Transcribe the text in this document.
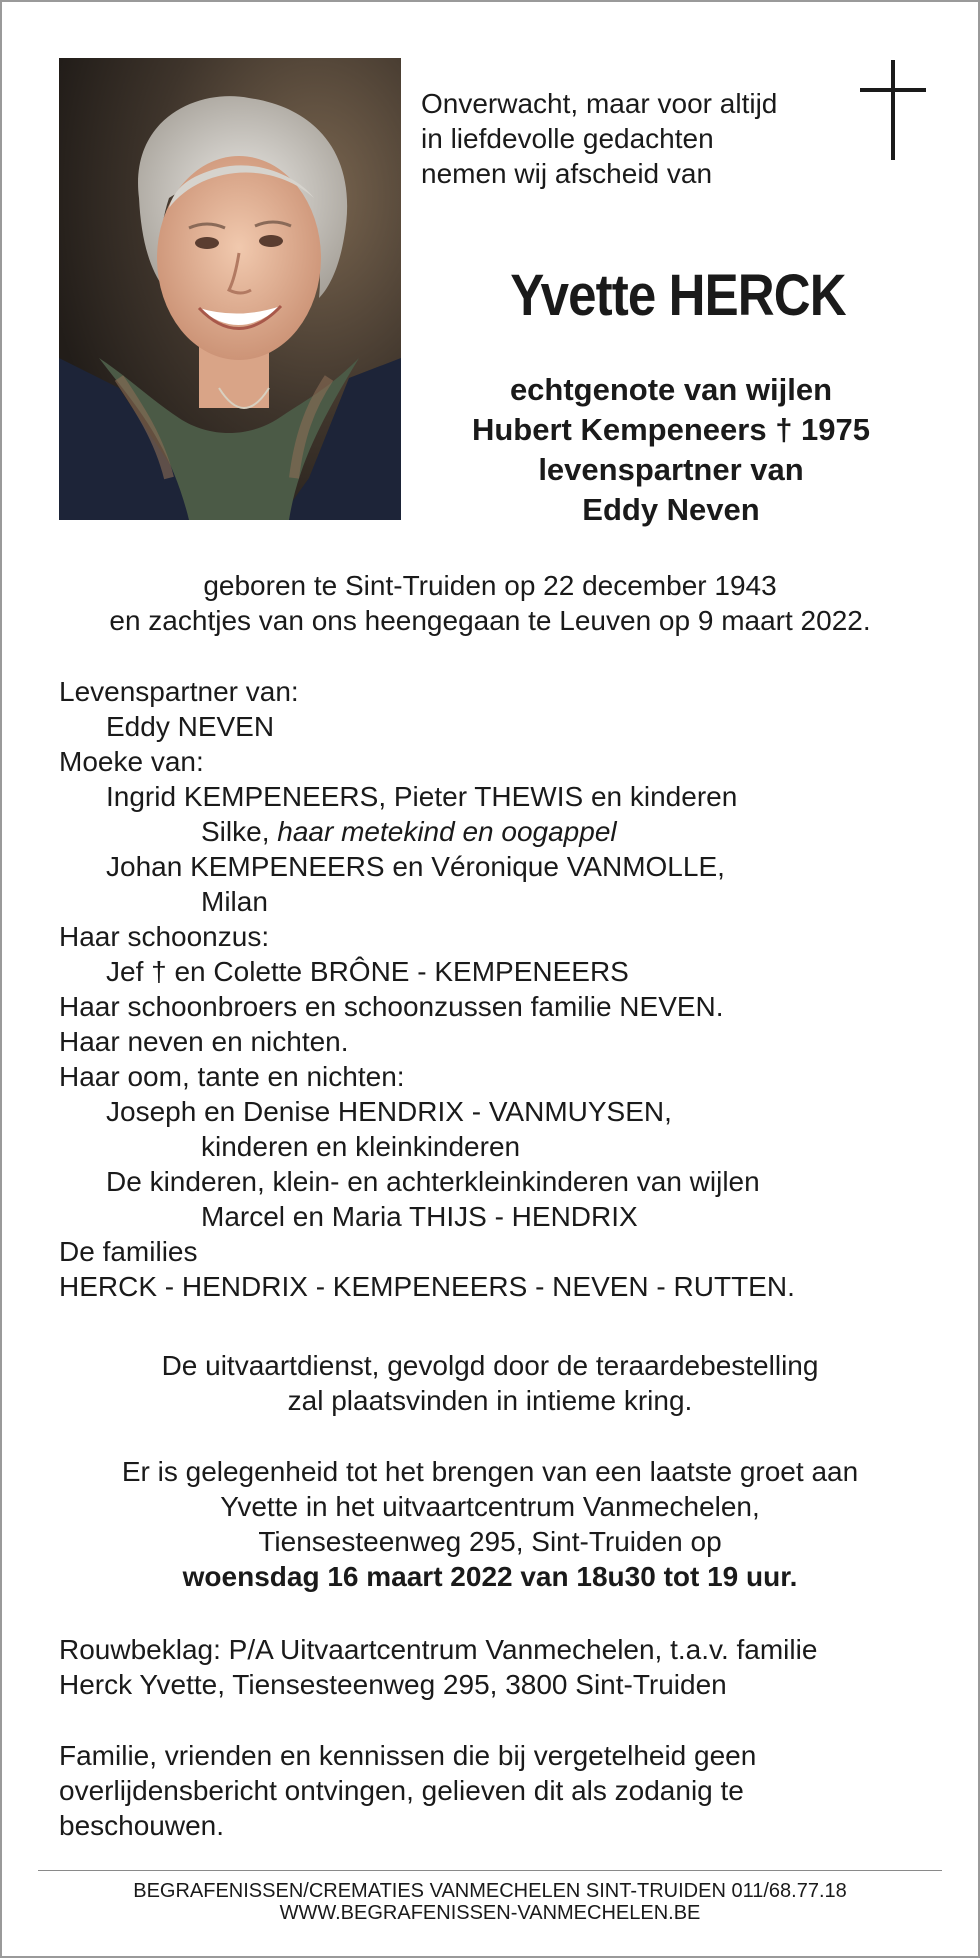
Onverwacht, maar voor altijd
in liefdevolle gedachten
nemen wij afscheid van
Yvette HERCK
echtgenote van wijlen
Hubert Kempeneers † 1975
levenspartner van
Eddy Neven
geboren te Sint-Truiden op 22 december 1943
en zachtjes van ons heengegaan te Leuven op 9 maart 2022.
Levenspartner van:
Eddy NEVEN
Moeke van:
Ingrid KEMPENEERS, Pieter THEWIS en kinderen
Silke, haar metekind en oogappel
Johan KEMPENEERS en Véronique VANMOLLE,
Milan
Haar schoonzus:
Jef † en Colette BRÔNE - KEMPENEERS
Haar schoonbroers en schoonzussen familie NEVEN.
Haar neven en nichten.
Haar oom, tante en nichten:
Joseph en Denise HENDRIX - VANMUYSEN,
kinderen en kleinkinderen
De kinderen, klein- en achterkleinkinderen van wijlen
Marcel en Maria THIJS - HENDRIX
De families
HERCK - HENDRIX - KEMPENEERS - NEVEN - RUTTEN.
De uitvaartdienst, gevolgd door de teraardebestelling
zal plaatsvinden in intieme kring.
Er is gelegenheid tot het brengen van een laatste groet aan
Yvette in het uitvaartcentrum Vanmechelen,
Tiensesteenweg 295, Sint-Truiden op
woensdag 16 maart 2022 van 18u30 tot 19 uur.
Rouwbeklag: P/A Uitvaartcentrum Vanmechelen, t.a.v. familie
Herck Yvette, Tiensesteenweg 295, 3800 Sint-Truiden
Familie, vrienden en kennissen die bij vergetelheid geen
overlijdensbericht ontvingen, gelieven dit als zodanig te
beschouwen.
BEGRAFENISSEN/CREMATIES VANMECHELEN SINT-TRUIDEN 011/68.77.18
WWW.BEGRAFENISSEN-VANMECHELEN.BE
